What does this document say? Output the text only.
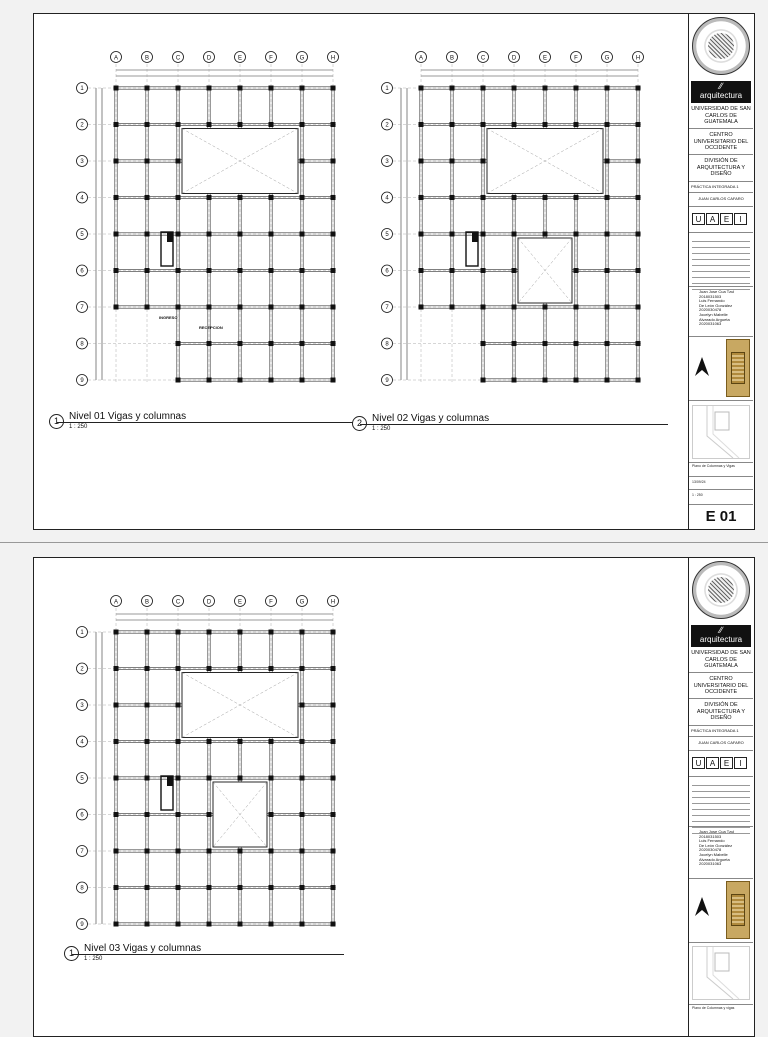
A	B	C	D	E	F	G	H
1
2
3
4
5
6
7
8
9
INGRESO
RECEPCION
A	B	C	D	E	F	G	H
1
2
3
4
5
6
7
8
9
1	Nivel 01 Vigas y columnas
1 : 250	2	Nivel 02 Vigas y columnas
1 : 250
∕∕
arquitectura
UNIVERSIDAD DE SAN CARLOS DE GUATEMALA
CENTRO UNIVERSITARIO DEL OCCIDENTE
DIVISIÓN DE ARQUITECTURA Y DISEÑO
PRÁCTICA INTEGRADA 1
JUAN CARLOS CAFARO
U	A	E	I
Juan Jose Cua Tzul
2018031503
Luis Fernando
De León González
2020030478
Jocelyn Mabelle
Alvarado Argueta
2020031063
Plano de Columnas y Vigas
13/09/24
1 : 250
E 01
A	B	C	D	E	F	G	H
1
2
3
4
5
6
7
8
9
1	Nivel 03 Vigas y columnas
1 : 250
∕∕
arquitectura
UNIVERSIDAD DE SAN CARLOS DE GUATEMALA
CENTRO UNIVERSITARIO DEL OCCIDENTE
DIVISIÓN DE ARQUITECTURA Y DISEÑO
PRÁCTICA INTEGRADA 1
JUAN CARLOS CAFARO
U	A	E	I
Juan Jose Cua Tzul
2018031503
Luis Fernando
De León González
2020030478
Jocelyn Mabelle
Alvarado Argueta
2020031063
Plano de Columnas y vigas
